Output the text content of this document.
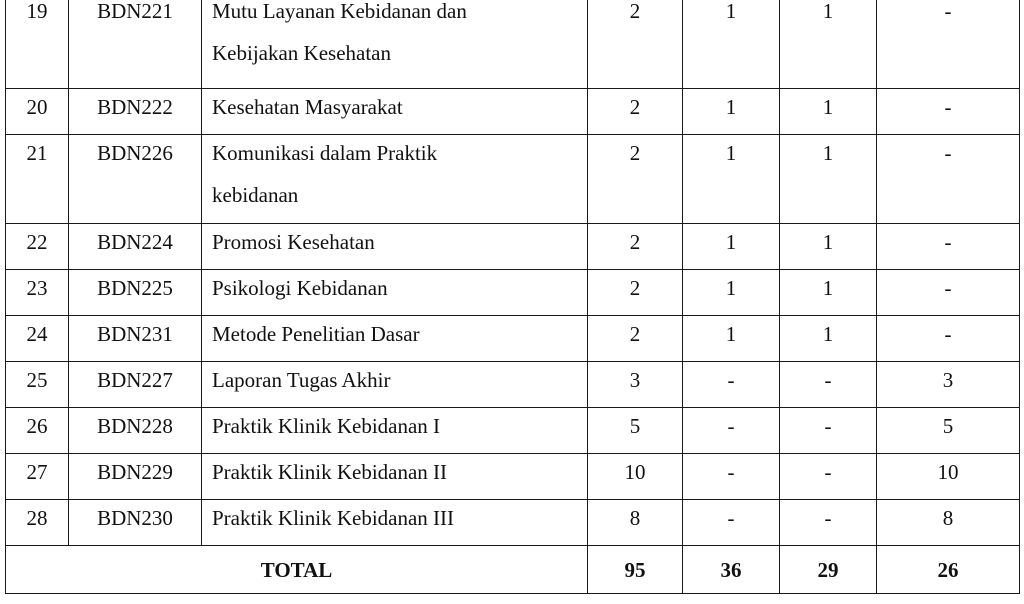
19	BDN221	Mutu Layanan Kebidanan dan Kebijakan Kesehatan	2	1	1	-

20	BDN222	Kesehatan Masyarakat	2	1	1	-

21	BDN226	Komunikasi dalam Praktik kebidanan	2	1	1	-

22	BDN224	Promosi Kesehatan	2	1	1	-

23	BDN225	Psikologi Kebidanan	2	1	1	-

24	BDN231	Metode Penelitian Dasar	2	1	1	-

25	BDN227	Laporan Tugas Akhir	3	-	-	3

26	BDN228	Praktik Klinik Kebidanan I	5	-	-	5

27	BDN229	Praktik Klinik Kebidanan II	10	-	-	10

28	BDN230	Praktik Klinik Kebidanan III	8	-	-	8

TOTAL			95	36	29	26
